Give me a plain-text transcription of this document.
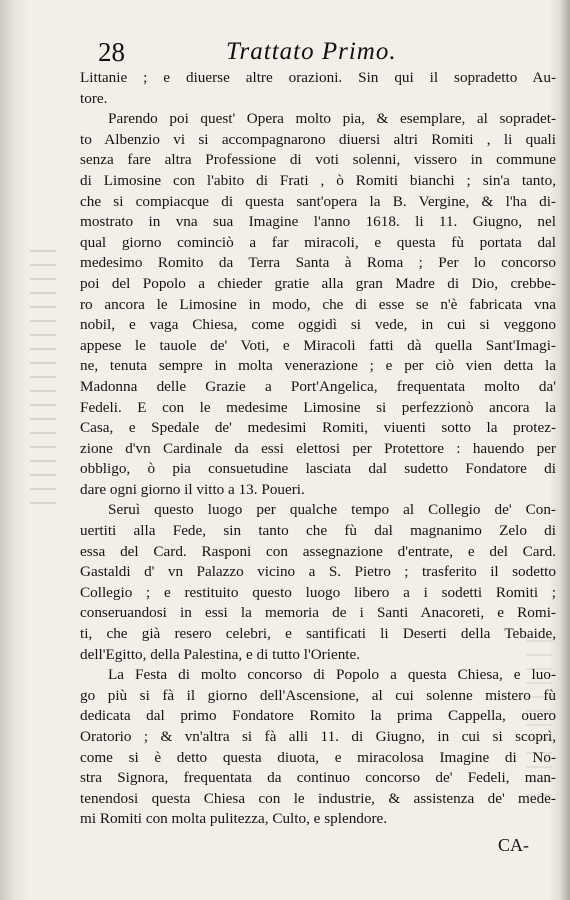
28	Trattato Primo.
Littanie ; e diuerse altre orazioni. Sin qui il sopradetto Au-
tore.
Parendo poi quest' Opera molto pia, & esemplare, al sopradet-
to Albenzio vi si accompagnarono diuersi altri Romiti , li quali
senza fare altra Professione di voti solenni, vissero in commune
di Limosine con l'abito di Frati , ò Romiti bianchi ; sin'a tanto,
che si compiacque di questa sant'opera la B. Vergine, & l'ha di-
mostrato in vna sua Imagine l'anno 1618. li 11. Giugno, nel
qual giorno cominciò a far miracoli, e questa fù portata dal
medesimo Romito da Terra Santa à Roma ; Per lo concorso
poi del Popolo a chieder gratie alla gran Madre di Dio, crebbe-
ro ancora le Limosine in modo, che di esse se n'è fabricata vna
nobil, e vaga Chiesa, come oggidì si vede, in cui si veggono
appese le tauole de' Voti, e Miracoli fatti dà quella Sant'Imagi-
ne, tenuta sempre in molta venerazione ; e per ciò vien detta la
Madonna delle Grazie a Port'Angelica, frequentata molto da'
Fedeli. E con le medesime Limosine si perfezzionò ancora la
Casa, e Spedale de' medesimi Romiti, viuenti sotto la protez-
zione d'vn Cardinale da essi elettosi per Protettore : hauendo per
obbligo, ò pia consuetudine lasciata dal sudetto Fondatore di
dare ogni giorno il vitto a 13. Poueri.
Seruì questo luogo per qualche tempo al Collegio de' Con-
uertiti alla Fede, sin tanto che fù dal magnanimo Zelo di
essa del Card. Rasponi con assegnazione d'entrate, e del Card.
Gastaldi d' vn Palazzo vicino a S. Pietro ; trasferito il sodetto
Collegio ; e restituito questo luogo libero a i sodetti Romiti ;
conseruandosi in essi la memoria de i Santi Anacoreti, e Romi-
ti, che già resero celebri, e santificati li Deserti della Tebaide,
dell'Egitto, della Palestina, e di tutto l'Oriente.
La Festa di molto concorso di Popolo a questa Chiesa, e luo-
go più si fà il giorno dell'Ascensione, al cui solenne mistero fù
dedicata dal primo Fondatore Romito la prima Cappella, ouero
Oratorio ; & vn'altra si fà alli 11. di Giugno, in cui si scoprì,
come si è detto questa diuota, e miracolosa Imagine di No-
stra Signora, frequentata da continuo concorso de' Fedeli, man-
tenendosi questa Chiesa con le industrie, & assistenza de' mede-
mi Romiti con molta pulitezza, Culto, e splendore.
CA-
